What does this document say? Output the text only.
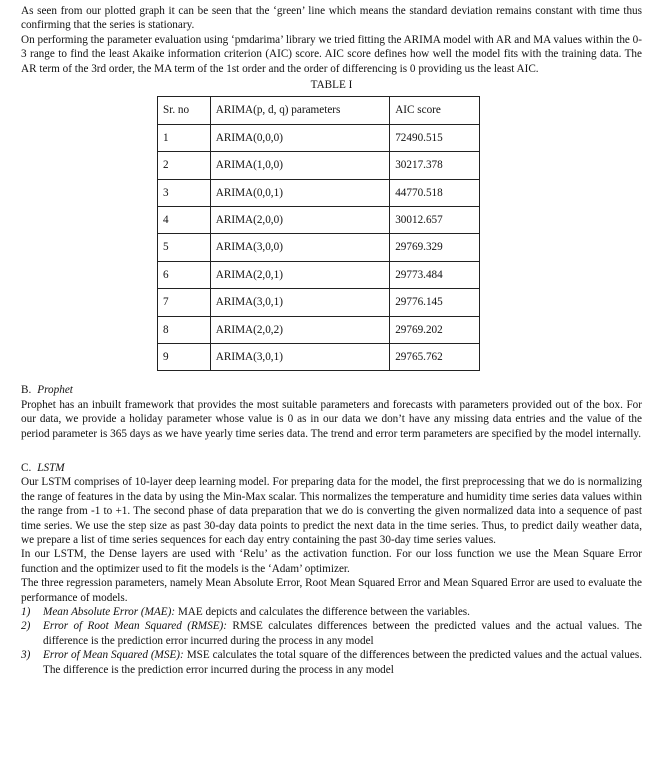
As seen from our plotted graph it can be seen that the ‘green’ line which means the standard deviation remains constant with time thus confirming that the series is stationary.

On performing the parameter evaluation using ‘pmdarima’ library we tried fitting the ARIMA model with AR and MA values within the 0-3 range to find the least Akaike information criterion (AIC) score. AIC score defines how well the model fits with the training data. The AR term of the 3rd order, the MA term of the 1st order and the order of differencing is 0 providing us the least AIC.

TABLE I
Sr. no	ARIMA(p, d, q) parameters	AIC score
1	ARIMA(0,0,0)	72490.515
2	ARIMA(1,0,0)	30217.378
3	ARIMA(0,0,1)	44770.518
4	ARIMA(2,0,0)	30012.657
5	ARIMA(3,0,0)	29769.329
6	ARIMA(2,0,1)	29773.484
7	ARIMA(3,0,1)	29776.145
8	ARIMA(2,0,2)	29769.202
9	ARIMA(3,0,1)	29765.762
B. Prophet

Prophet has an inbuilt framework that provides the most suitable parameters and forecasts with parameters provided out of the box. For our data, we provide a holiday parameter whose value is 0 as in our data we don’t have any missing data entries and the value of the period parameter is 365 days as we have yearly time series data. The trend and error term parameters are specified by the model internally.

C. LSTM

Our LSTM comprises of 10-layer deep learning model. For preparing data for the model, the first preprocessing that we do is normalizing the range of features in the data by using the Min-Max scalar. This normalizes the temperature and humidity time series data values within the range from -1 to +1. The second phase of data preparation that we do is converting the given normalized data into a sequence of past time series. We use the step size as past 30-day data points to predict the next data in the time series. Thus, to predict daily weather data, we prepare a list of time series sequences for each day entry containing the past 30-day time series values.

In our LSTM, the Dense layers are used with ‘Relu’ as the activation function. For our loss function we use the Mean Square Error function and the optimizer used to fit the models is the ‘Adam’ optimizer.

The three regression parameters, namely Mean Absolute Error, Root Mean Squared Error and Mean Squared Error are used to evaluate the performance of models.

1)	Mean Absolute Error (MAE): MAE depicts and calculates the difference between the variables.
2)	Error of Root Mean Squared (RMSE): RMSE calculates differences between the predicted values and the actual values. The difference is the prediction error incurred during the process in any model
3)	Error of Mean Squared (MSE): MSE calculates the total square of the differences between the predicted values and the actual values. The difference is the prediction error incurred during the process in any model
